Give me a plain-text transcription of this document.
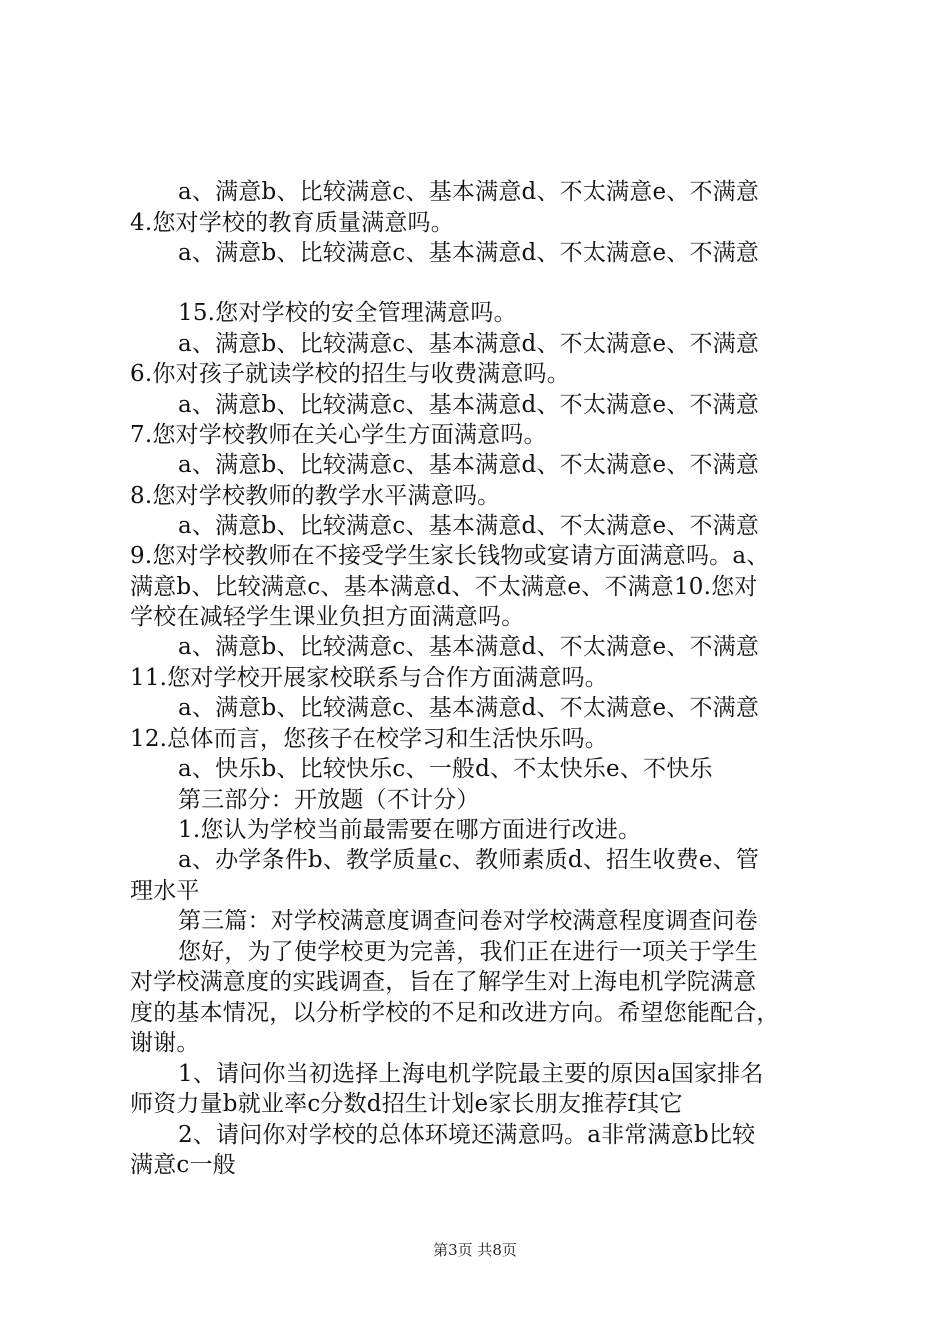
a、满意b、比较满意c、基本满意d、不太满意e、不满意
4.您对学校的教育质量满意吗。
a、满意b、比较满意c、基本满意d、不太满意e、不满意
15.您对学校的安全管理满意吗。
a、满意b、比较满意c、基本满意d、不太满意e、不满意
6.你对孩子就读学校的招生与收费满意吗。
a、满意b、比较满意c、基本满意d、不太满意e、不满意
7.您对学校教师在关心学生方面满意吗。
a、满意b、比较满意c、基本满意d、不太满意e、不满意
8.您对学校教师的教学水平满意吗。
a、满意b、比较满意c、基本满意d、不太满意e、不满意
9.您对学校教师在不接受学生家长钱物或宴请方面满意吗。a、
满意b、比较满意c、基本满意d、不太满意e、不满意10.您对
学校在减轻学生课业负担方面满意吗。
a、满意b、比较满意c、基本满意d、不太满意e、不满意
11.您对学校开展家校联系与合作方面满意吗。
a、满意b、比较满意c、基本满意d、不太满意e、不满意
12.总体而言，您孩子在校学习和生活快乐吗。
a、快乐b、比较快乐c、一般d、不太快乐e、不快乐
第三部分：开放题（不计分）
1.您认为学校当前最需要在哪方面进行改进。
a、办学条件b、教学质量c、教师素质d、招生收费e、管
理水平
第三篇：对学校满意度调查问卷对学校满意程度调查问卷
您好，为了使学校更为完善，我们正在进行一项关于学生
对学校满意度的实践调查，旨在了解学生对上海电机学院满意
度的基本情况，以分析学校的不足和改进方向。希望您能配合，
谢谢。
1、请问你当初选择上海电机学院最主要的原因a国家排名
师资力量b就业率c分数d招生计划e家长朋友推荐f其它
2、请问你对学校的总体环境还满意吗。a非常满意b比较
满意c一般
第3页 共8页
